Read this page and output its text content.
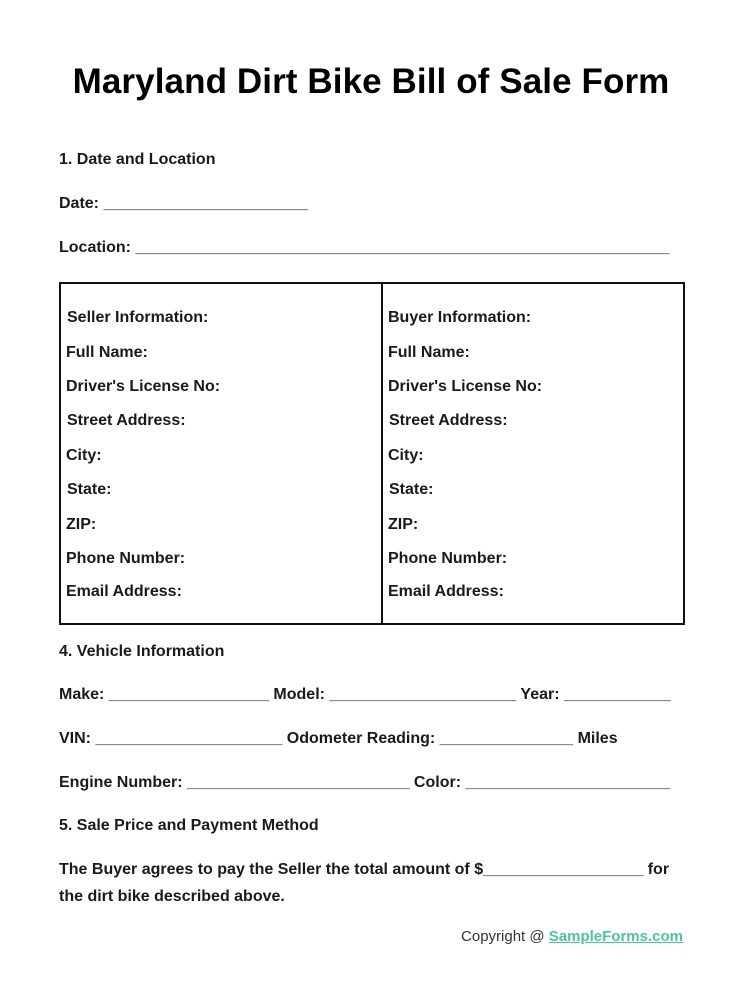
Maryland Dirt Bike Bill of Sale Form
1. Date and Location
Date: _______________________
Location: ____________________________________________________________
Seller Information:
Full Name:
Driver's License No:
Street Address:
City:
State:
ZIP:
Phone Number:
Email Address:
Buyer Information:
Full Name:
Driver's License No:
Street Address:
City:
State:
ZIP:
Phone Number:
Email Address:
4. Vehicle Information
Make: __________________ Model: _____________________ Year: ____________
VIN: _____________________ Odometer Reading: _______________ Miles
Engine Number: _________________________ Color: _______________________
5. Sale Price and Payment Method
The Buyer agrees to pay the Seller the total amount of $__________________ for
the dirt bike described above.
Copyright @ SampleForms.com
